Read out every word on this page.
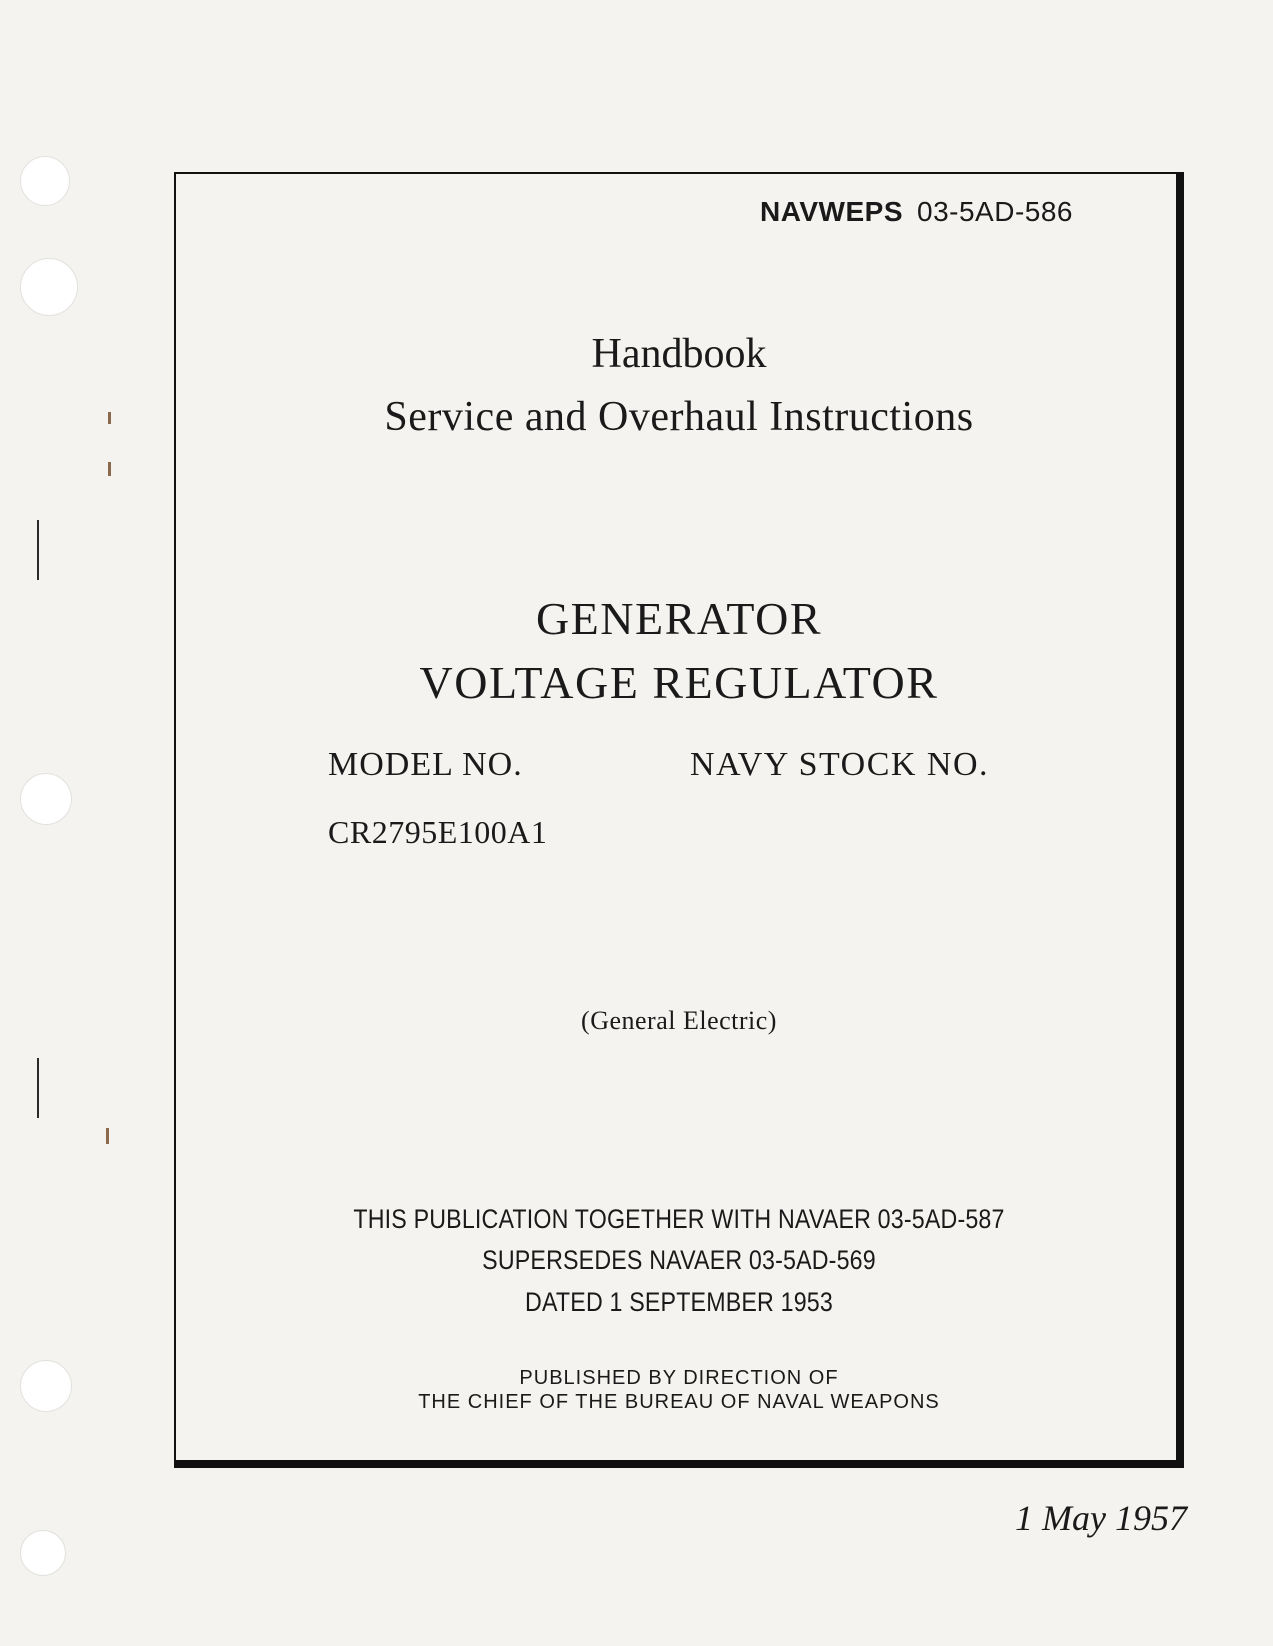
NAVWEPS 03-5AD-586
Handbook
Service and Overhaul Instructions
GENERATOR
VOLTAGE REGULATOR
MODEL NO.	NAVY STOCK NO.
CR2795E100A1
(General Electric)
THIS PUBLICATION TOGETHER WITH NAVAER 03-5AD-587
SUPERSEDES NAVAER 03-5AD-569
DATED 1 SEPTEMBER 1953
PUBLISHED BY DIRECTION OF
THE CHIEF OF THE BUREAU OF NAVAL WEAPONS
1 May 1957
